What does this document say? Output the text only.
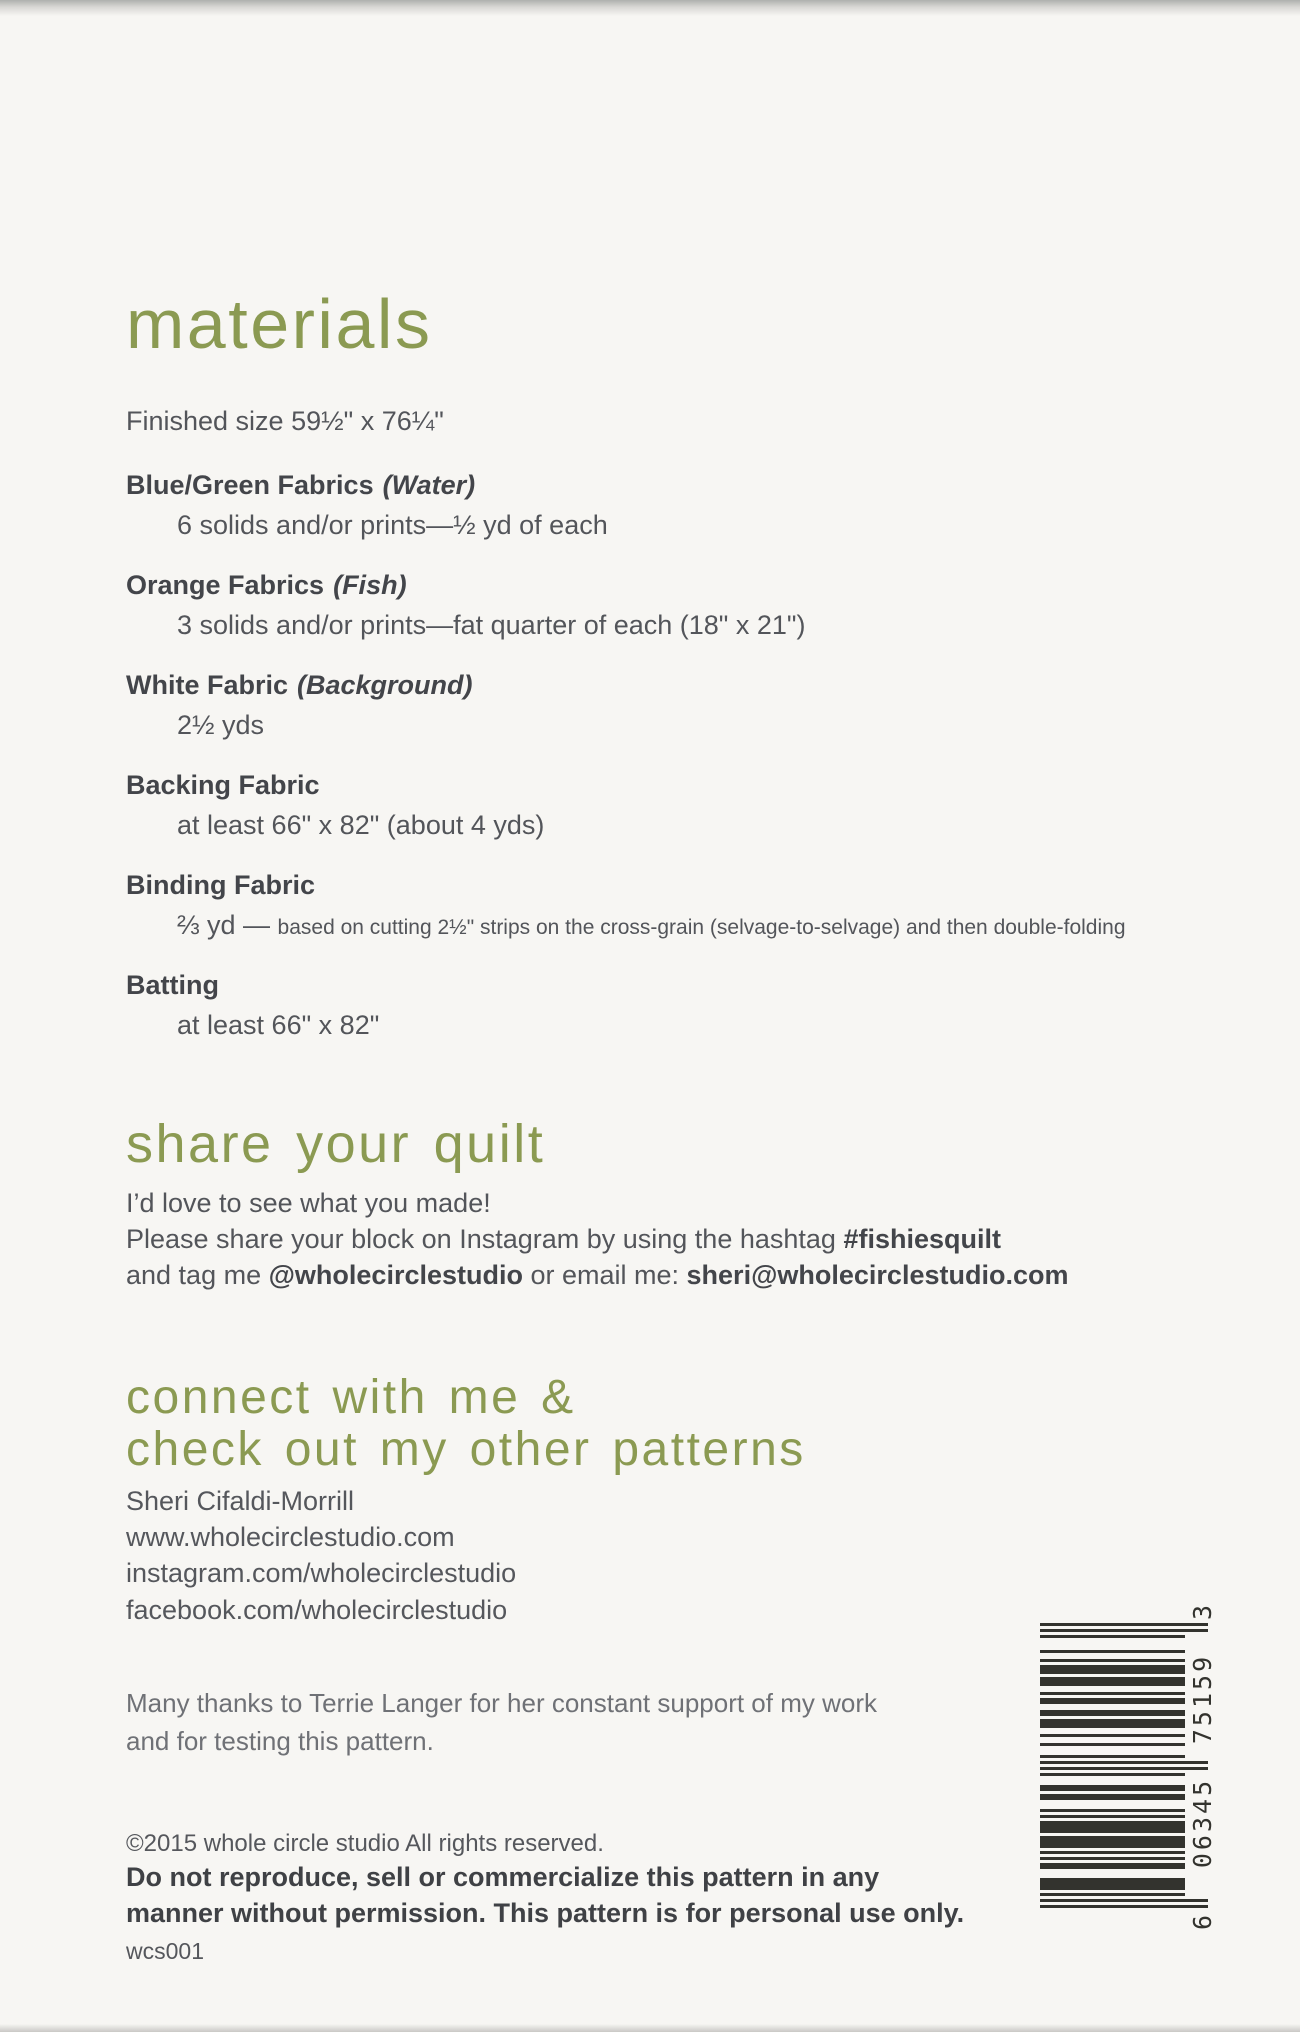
materials
Finished size 59½" x 76¼"
Blue/Green Fabrics (Water)
6 solids and/or prints—½ yd of each
Orange Fabrics (Fish)
3 solids and/or prints—fat quarter of each (18" x 21")
White Fabric (Background)
2½ yds
Backing Fabric
at least 66" x 82" (about 4 yds)
Binding Fabric
⅔ yd — based on cutting 2½" strips on the cross-grain (selvage-to-selvage) and then double-folding
Batting
at least 66" x 82"
share your quilt
I’d love to see what you made!
Please share your block on Instagram by using the hashtag #fishiesquilt
and tag me @wholecirclestudio or email me: sheri@wholecirclestudio.com
connect with me &
check out my other patterns
Sheri Cifaldi-Morrill
www.wholecirclestudio.com
instagram.com/wholecirclestudio
facebook.com/wholecirclestudio
Many thanks to Terrie Langer for her constant support of my work
and for testing this pattern.
©2015 whole circle studio All rights reserved.
Do not reproduce, sell or commercialize this pattern in any
manner without permission. This pattern is for personal use only.
wcs001
6
06345
75159
3
